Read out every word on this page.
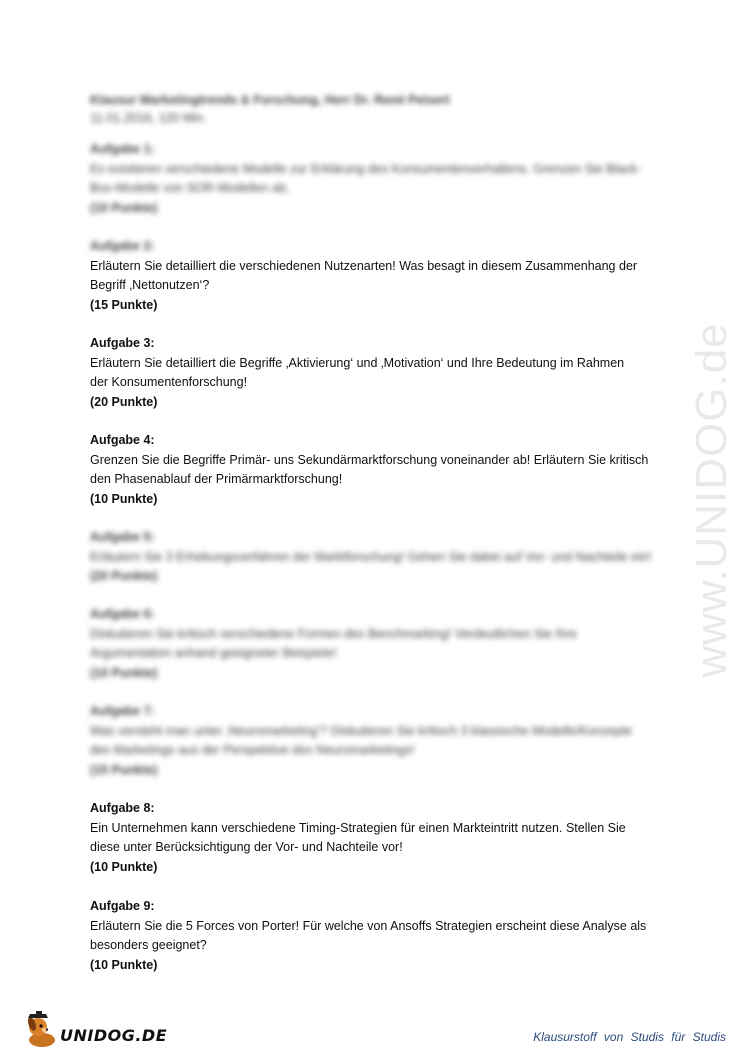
www.UNIDOG.de
Klausur Marketingtrends & Forschung, Herr Dr. René Peisert
11.01.2016, 120 Min.
Aufgabe 1:
Es existieren verschiedene Modelle zur Erklärung des Konsumentenverhaltens. Grenzen Sie Black-
Box-Modelle von SOR-Modellen ab.
(10 Punkte)
Aufgabe 2:
Erläutern Sie detailliert die verschiedenen Nutzenarten! Was besagt in diesem Zusammenhang der
Begriff ‚Nettonutzen‘?
(15 Punkte)
Aufgabe 3:
Erläutern Sie detailliert die Begriffe ‚Aktivierung‘ und ‚Motivation‘ und Ihre Bedeutung im Rahmen
der Konsumentenforschung!
(20 Punkte)
Aufgabe 4:
Grenzen Sie die Begriffe Primär- uns Sekundärmarktforschung voneinander ab! Erläutern Sie kritisch
den Phasenablauf der Primärmarktforschung!
(10 Punkte)
Aufgabe 5:
Erläutern Sie 3 Erhebungsverfahren der Marktforschung! Gehen Sie dabei auf Vor- und Nachteile ein!
(20 Punkte)
Aufgabe 6:
Diskutieren Sie kritisch verschiedene Formen des Benchmarking! Verdeutlichen Sie Ihre
Argumentation anhand geeigneter Beispiele!
(10 Punkte)
Aufgabe 7:
Was versteht man unter ‚Neuromarketing‘? Diskutieren Sie kritisch 3 klassische Modelle/Konzepte
des Marketings aus der Perspektive des Neuromarketings!
(15 Punkte)
Aufgabe 8:
Ein Unternehmen kann verschiedene Timing-Strategien für einen Markteintritt nutzen. Stellen Sie
diese unter Berücksichtigung der Vor- und Nachteile vor!
(10 Punkte)
Aufgabe 9:
Erläutern Sie die 5 Forces von Porter! Für welche von Ansoffs Strategien erscheint diese Analyse als
besonders geeignet?
(10 Punkte)
UNIDOG.DE	Klausurstoff von Studis für Studis
